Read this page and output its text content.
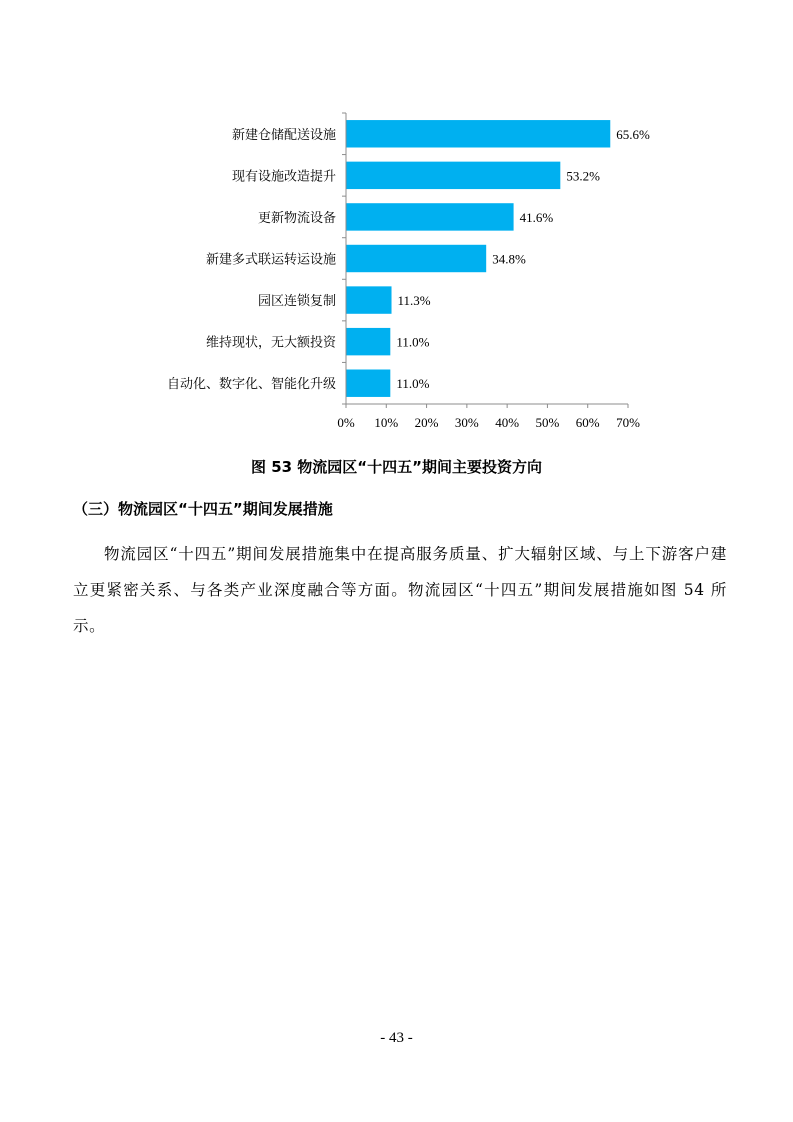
新建仓储配送设施
现有设施改造提升
更新物流设备
新建多式联运转运设施
园区连锁复制
维持现状，无大额投资
自动化、数字化、智能化升级
65.6%
53.2%
41.6%
34.8%
11.3%
11.0%
11.0%
0% 10% 20% 30% 40% 50% 60% 70%

图 53 物流园区“十四五”期间主要投资方向

（三）物流园区“十四五”期间发展措施

物流园区“十四五”期间发展措施集中在提高服务质量、扩大辐射区域、与上下游客户建立更紧密关系、与各类产业深度融合等方面。物流园区“十四五”期间发展措施如图 54 所示。

- 43 -
